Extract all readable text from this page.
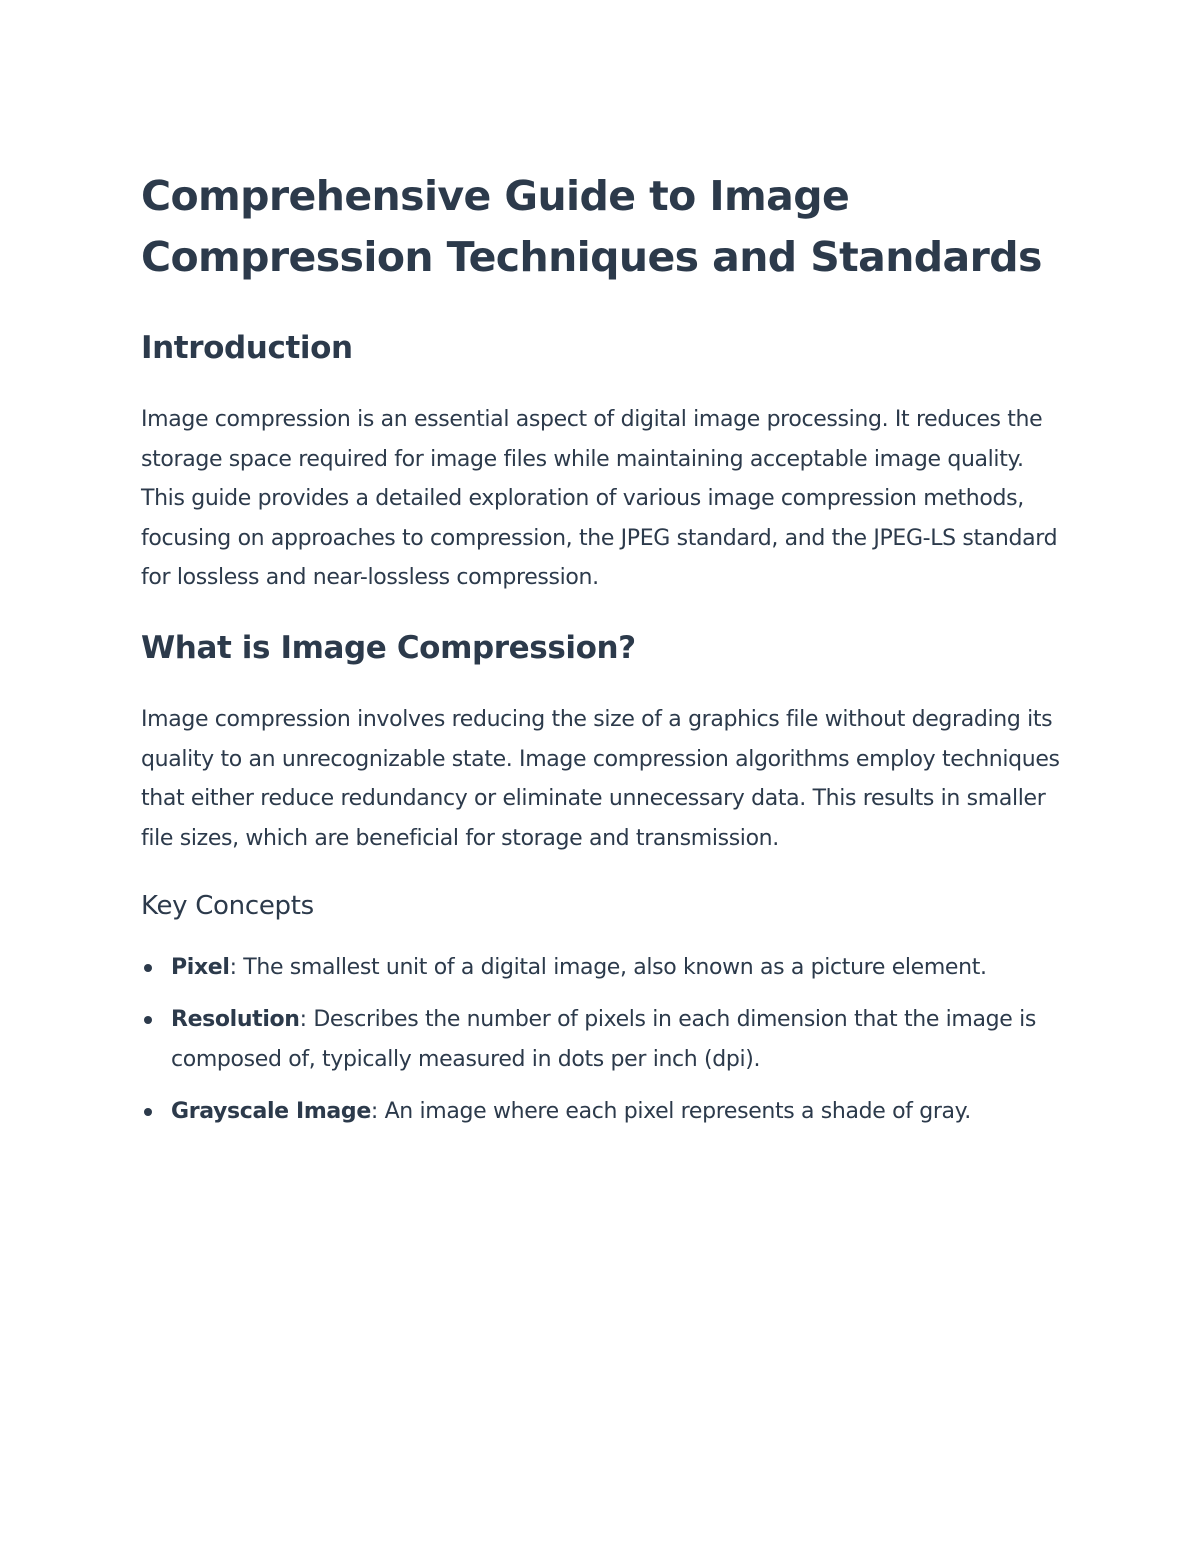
Comprehensive Guide to Image Compression Techniques and Standards
Introduction

Image compression is an essential aspect of digital image processing. It reduces the storage space required for image files while maintaining acceptable image quality. This guide provides a detailed exploration of various image compression methods, focusing on approaches to compression, the JPEG standard, and the JPEG-LS standard for lossless and near-lossless compression.

What is Image Compression?

Image compression involves reducing the size of a graphics file without degrading its quality to an unrecognizable state. Image compression algorithms employ techniques that either reduce redundancy or eliminate unnecessary data. This results in smaller file sizes, which are beneficial for storage and transmission.

Key Concepts
Pixel: The smallest unit of a digital image, also known as a picture element.
Resolution: Describes the number of pixels in each dimension that the image is composed of, typically measured in dots per inch (dpi).
Grayscale Image: An image where each pixel represents a shade of gray.
